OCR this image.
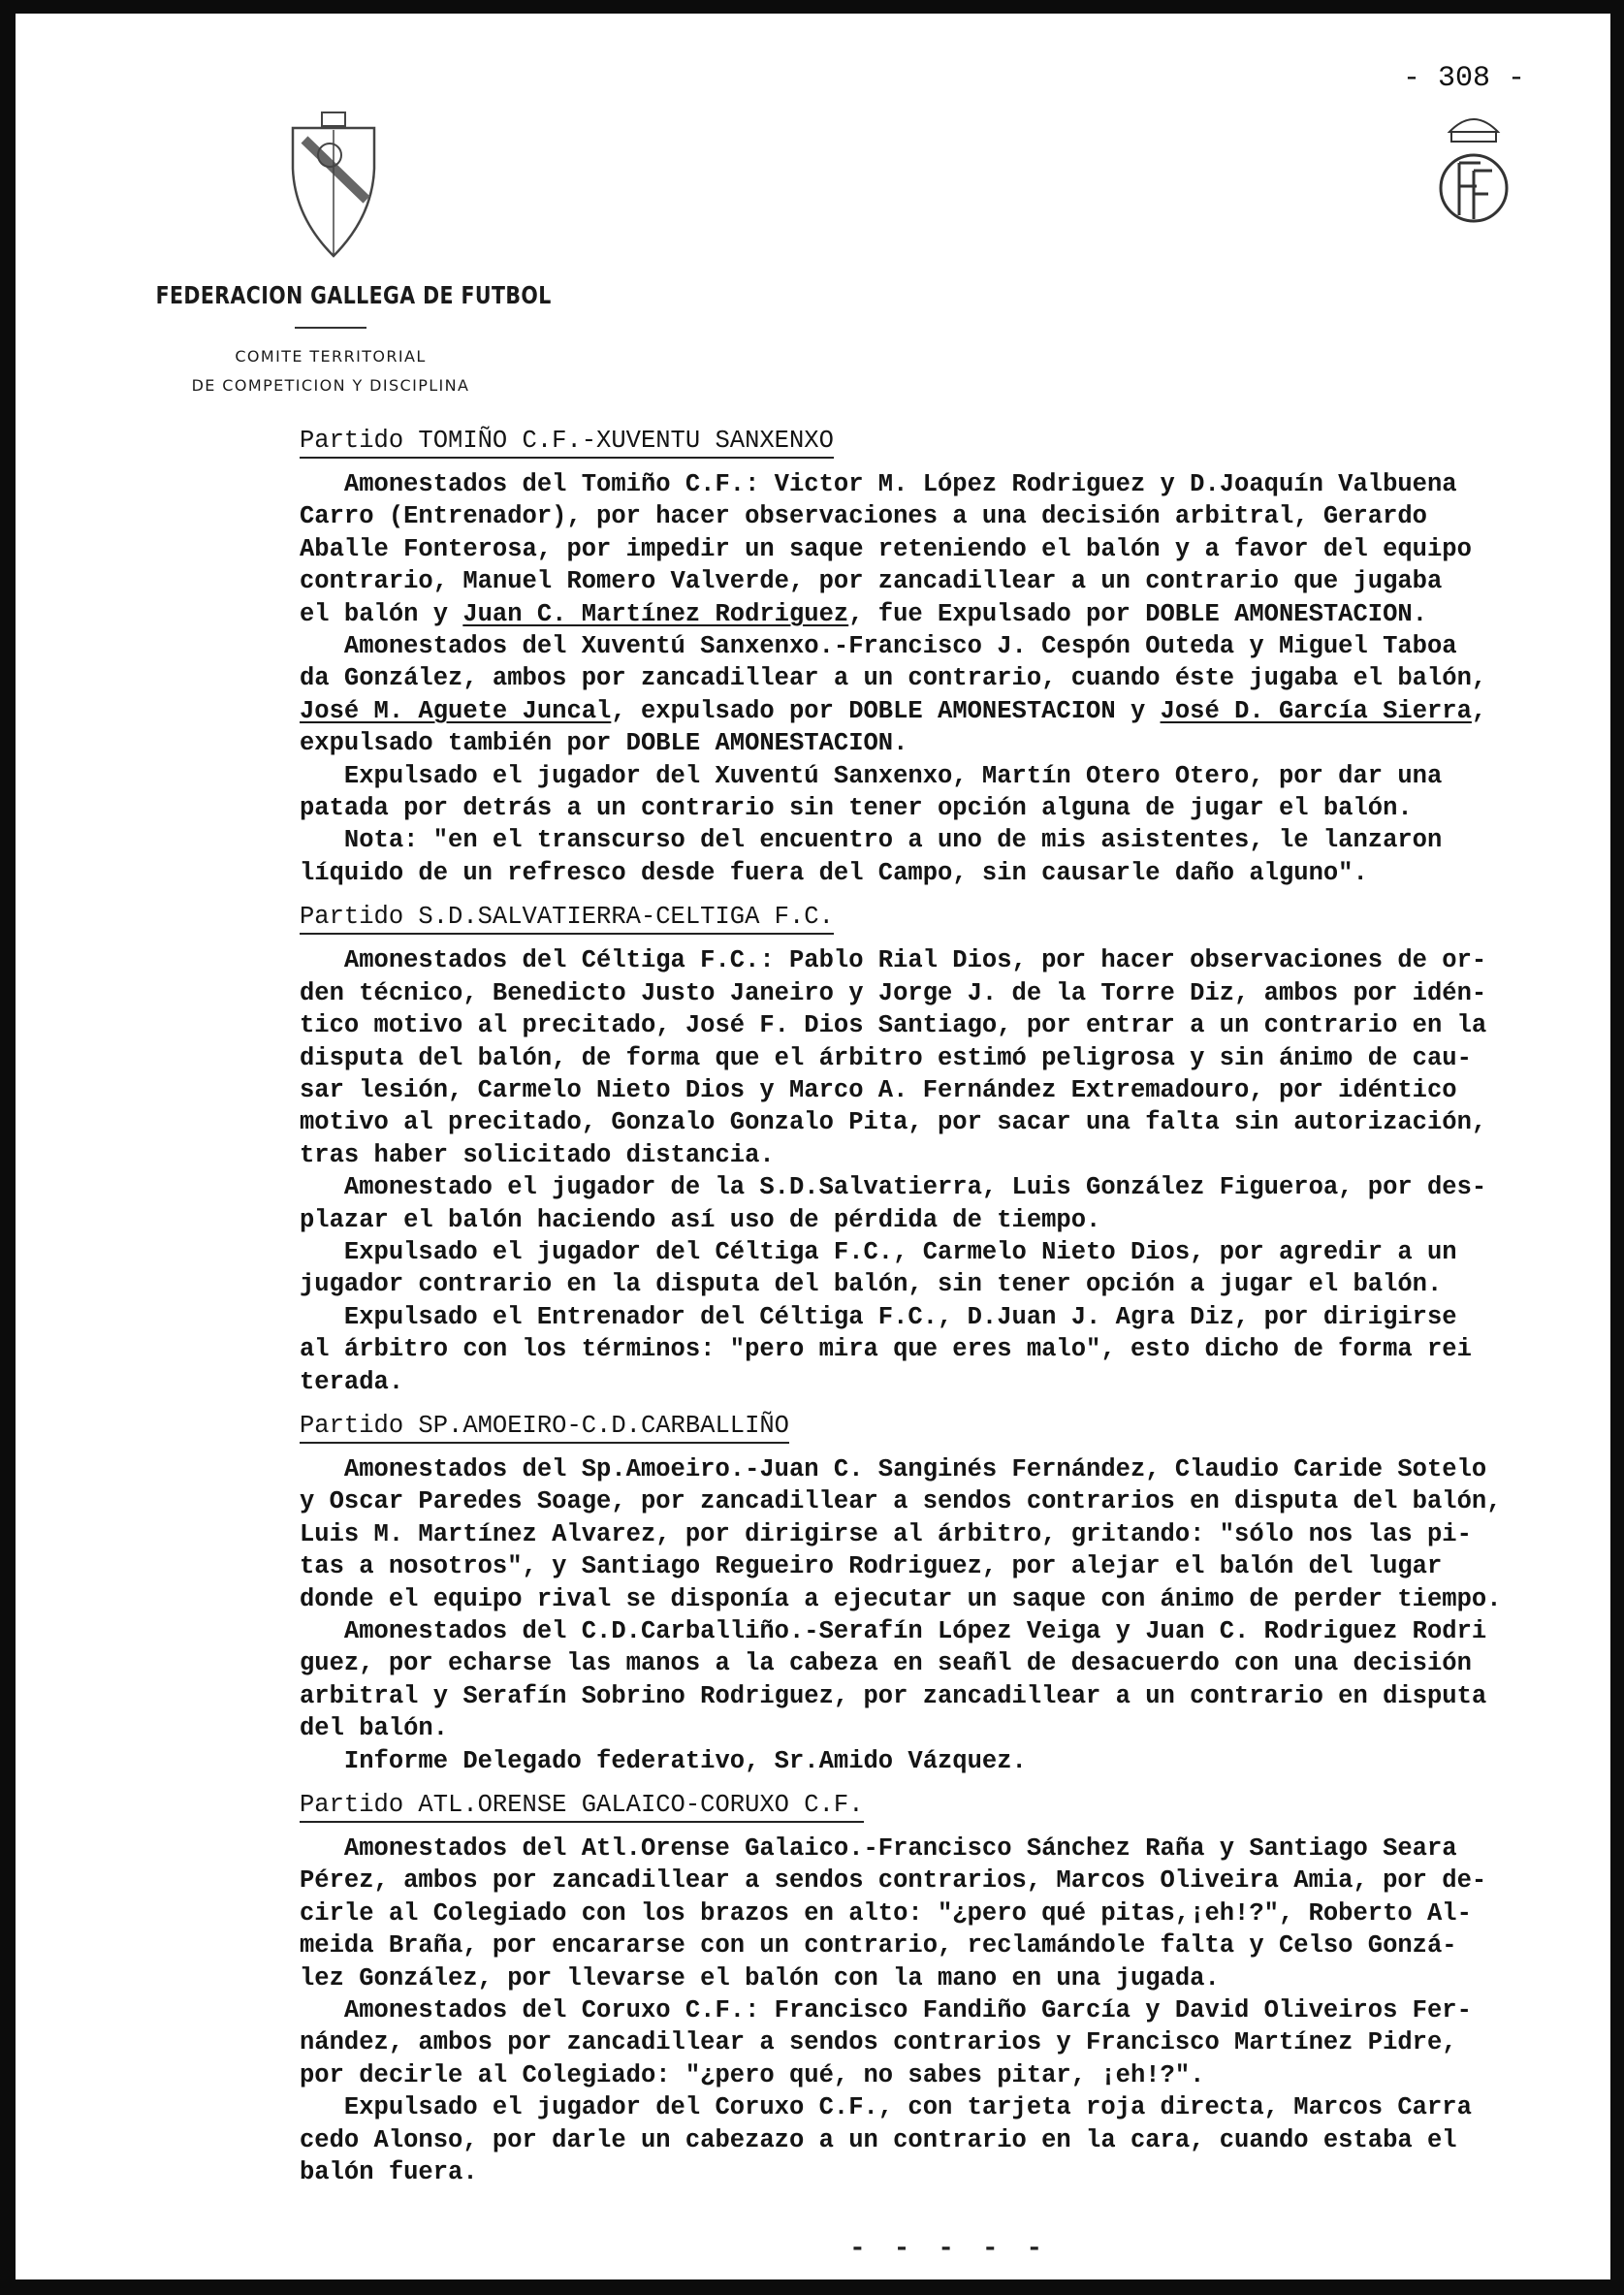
- 308 -
FEDERACION GALLEGA DE FUTBOL
COMITE TERRITORIAL
DE COMPETICION Y DISCIPLINA
Partido TOMIÑO C.F.-XUVENTU SANXENXO
Amonestados del Tomiño C.F.: Victor M. López Rodriguez y D.Joaquín Valbuena
Carro (Entrenador), por hacer observaciones a una decisión arbitral, Gerardo
Aballe Fonterosa, por impedir un saque reteniendo el balón y a favor del equipo
contrario, Manuel Romero Valverde, por zancadillear a un contrario que jugaba
el balón y Juan C. Martínez Rodriguez, fue Expulsado por DOBLE AMONESTACION.
Amonestados del Xuventú Sanxenxo.-Francisco J. Cespón Outeda y Miguel Taboa
da González, ambos por zancadillear a un contrario, cuando éste jugaba el balón,
José M. Aguete Juncal, expulsado por DOBLE AMONESTACION y José D. García Sierra,
expulsado también por DOBLE AMONESTACION.
Expulsado el jugador del Xuventú Sanxenxo, Martín Otero Otero, por dar una
patada por detrás a un contrario sin tener opción alguna de jugar el balón.
Nota: "en el transcurso del encuentro a uno de mis asistentes, le lanzaron
líquido de un refresco desde fuera del Campo, sin causarle daño alguno".
Partido S.D.SALVATIERRA-CELTIGA F.C.
Amonestados del Céltiga F.C.: Pablo Rial Dios, por hacer observaciones de or-
den técnico, Benedicto Justo Janeiro y Jorge J. de la Torre Diz, ambos por idén-
tico motivo al precitado, José F. Dios Santiago, por entrar a un contrario en la
disputa del balón, de forma que el árbitro estimó peligrosa y sin ánimo de cau-
sar lesión, Carmelo Nieto Dios y Marco A. Fernández Extremadouro, por idéntico
motivo al precitado, Gonzalo Gonzalo Pita, por sacar una falta sin autorización,
tras haber solicitado distancia.
Amonestado el jugador de la S.D.Salvatierra, Luis González Figueroa, por des-
plazar el balón haciendo así uso de pérdida de tiempo.
Expulsado el jugador del Céltiga F.C., Carmelo Nieto Dios, por agredir a un
jugador contrario en la disputa del balón, sin tener opción a jugar el balón.
Expulsado el Entrenador del Céltiga F.C., D.Juan J. Agra Diz, por dirigirse
al árbitro con los términos: "pero mira que eres malo", esto dicho de forma rei
terada.
Partido SP.AMOEIRO-C.D.CARBALLIÑO
Amonestados del Sp.Amoeiro.-Juan C. Sanginés Fernández, Claudio Caride Sotelo
y Oscar Paredes Soage, por zancadillear a sendos contrarios en disputa del balón,
Luis M. Martínez Alvarez, por dirigirse al árbitro, gritando: "sólo nos las pi-
tas a nosotros", y Santiago Regueiro Rodriguez, por alejar el balón del lugar
donde el equipo rival se disponía a ejecutar un saque con ánimo de perder tiempo.
Amonestados del C.D.Carballiño.-Serafín López Veiga y Juan C. Rodriguez Rodri
guez, por echarse las manos a la cabeza en seañl de desacuerdo con una decisión
arbitral y Serafín Sobrino Rodriguez, por zancadillear a un contrario en disputa
del balón.
Informe Delegado federativo, Sr.Amido Vázquez.
Partido ATL.ORENSE GALAICO-CORUXO C.F.
Amonestados del Atl.Orense Galaico.-Francisco Sánchez Raña y Santiago Seara
Pérez, ambos por zancadillear a sendos contrarios, Marcos Oliveira Amia, por de-
cirle al Colegiado con los brazos en alto: "¿pero qué pitas,¡eh!?", Roberto Al-
meida Braña, por encararse con un contrario, reclamándole falta y Celso Gonzá-
lez González, por llevarse el balón con la mano en una jugada.
Amonestados del Coruxo C.F.: Francisco Fandiño García y David Oliveiros Fer-
nández, ambos por zancadillear a sendos contrarios y Francisco Martínez Pidre,
por decirle al Colegiado: "¿pero qué, no sabes pitar, ¡eh!?".
Expulsado el jugador del Coruxo C.F., con tarjeta roja directa, Marcos Carra
cedo Alonso, por darle un cabezazo a un contrario en la cara, cuando estaba el
balón fuera.
- - - - -
